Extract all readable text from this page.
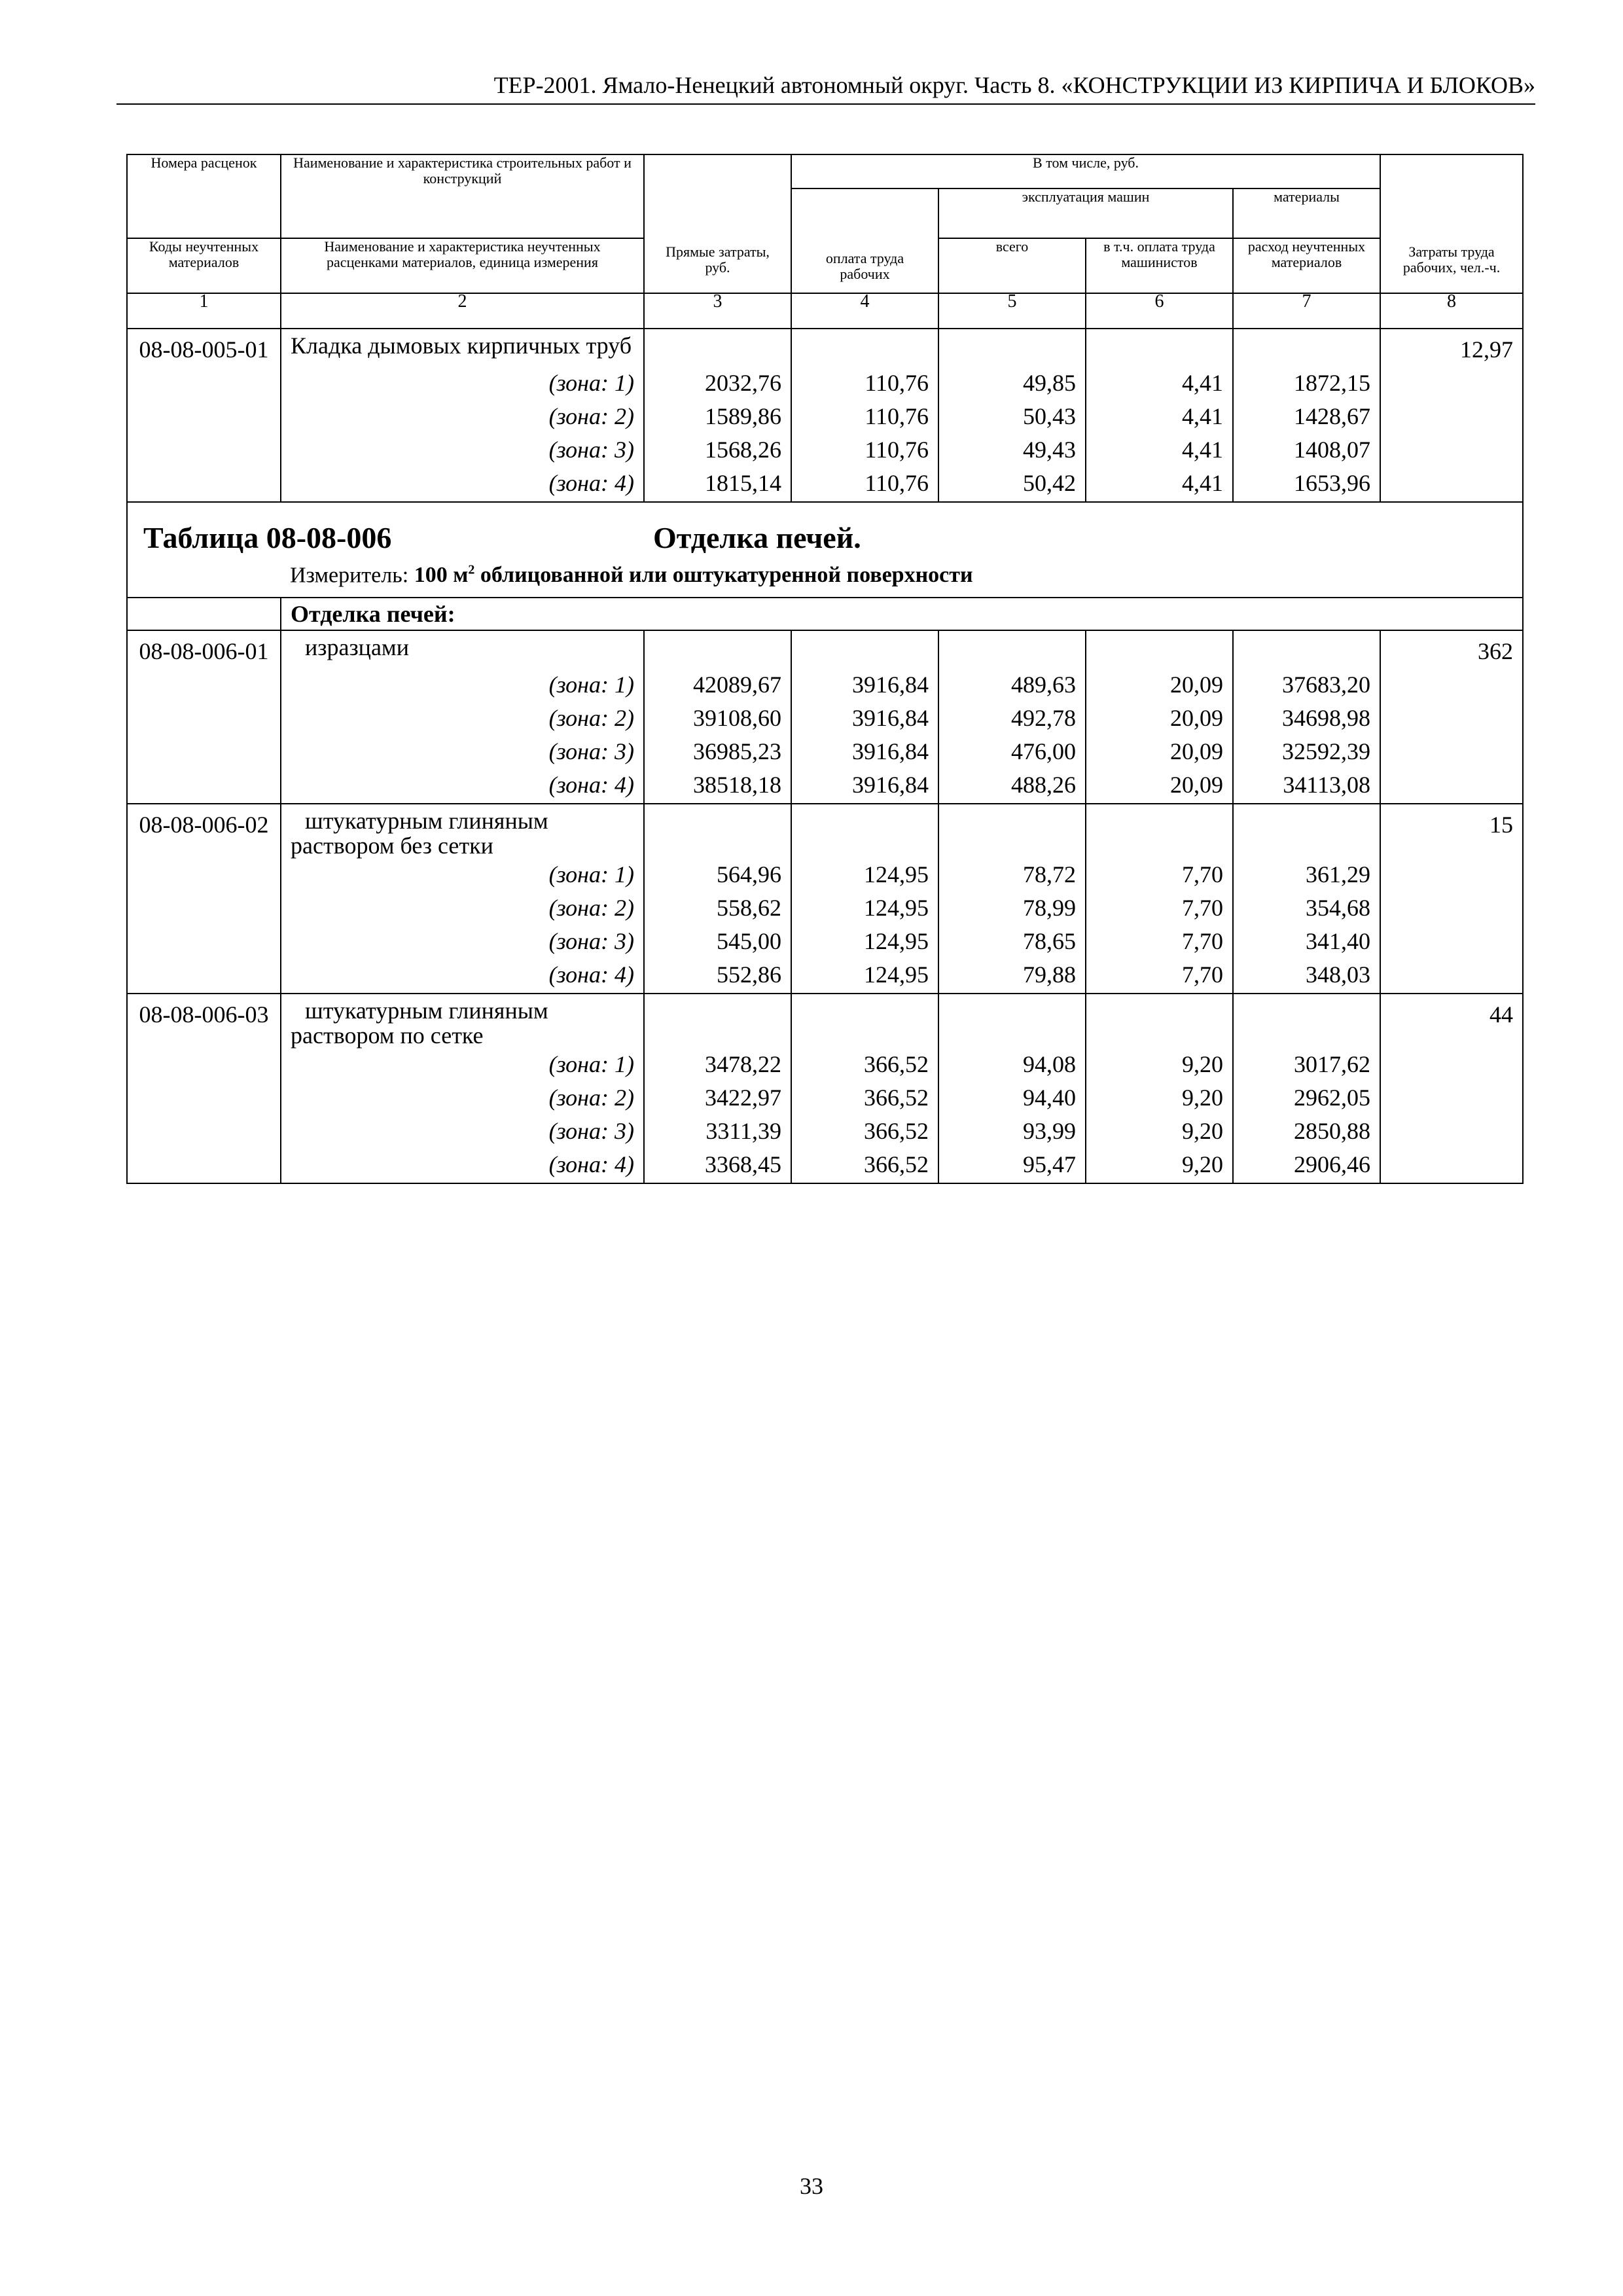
ТЕР-2001. Ямало-Ненецкий автономный округ. Часть 8. «КОНСТРУКЦИИ ИЗ КИРПИЧА И БЛОКОВ»
Номера расценок	Наименование и характеристика строительных работ и конструкций	Прямые затраты, руб.	В том числе, руб.				Затраты труда рабочих, чел.-ч.
			оплата труда рабочих	эксплуатация машин		материалы	
Коды неучтенных материалов	Наименование и характеристика неучтенных расценками материалов, единица измерения			всего	в т.ч. оплата труда машинистов	расход неучтенных материалов	
1	2	3	4	5	6	7	8
08-08-005-01	Кладка дымовых кирпичных труб						12,97
	(зона: 1)	2032,76	110,76	49,85	4,41	1872,15	
	(зона: 2)	1589,86	110,76	50,43	4,41	1428,67	
	(зона: 3)	1568,26	110,76	49,43	4,41	1408,07	
	(зона: 4)	1815,14	110,76	50,42	4,41	1653,96	

Таблица 08-08-006 Отделка печей.
Измеритель: 100 $м^2$ облицованной или оштукатуренной поверхности							

	Отделка печей:						
08-08-006-01	изразцами						362
	(зона: 1)	42089,67	3916,84	489,63	20,09	37683,20	
	(зона: 2)	39108,60	3916,84	492,78	20,09	34698,98	
	(зона: 3)	36985,23	3916,84	476,00	20,09	32592,39	
	(зона: 4)	38518,18	3916,84	488,26	20,09	34113,08	
08-08-006-02	штукатурным глиняным раствором без сетки						15
	(зона: 1)	564,96	124,95	78,72	7,70	361,29	
	(зона: 2)	558,62	124,95	78,99	7,70	354,68	
	(зона: 3)	545,00	124,95	78,65	7,70	341,40	
	(зона: 4)	552,86	124,95	79,88	7,70	348,03	
08-08-006-03	штукатурным глиняным раствором по сетке						44
	(зона: 1)	3478,22	366,52	94,08	9,20	3017,62	
	(зона: 2)	3422,97	366,52	94,40	9,20	2962,05	
	(зона: 3)	3311,39	366,52	93,99	9,20	2850,88	
	(зона: 4)	3368,45	366,52	95,47	9,20	2906,46	
33
